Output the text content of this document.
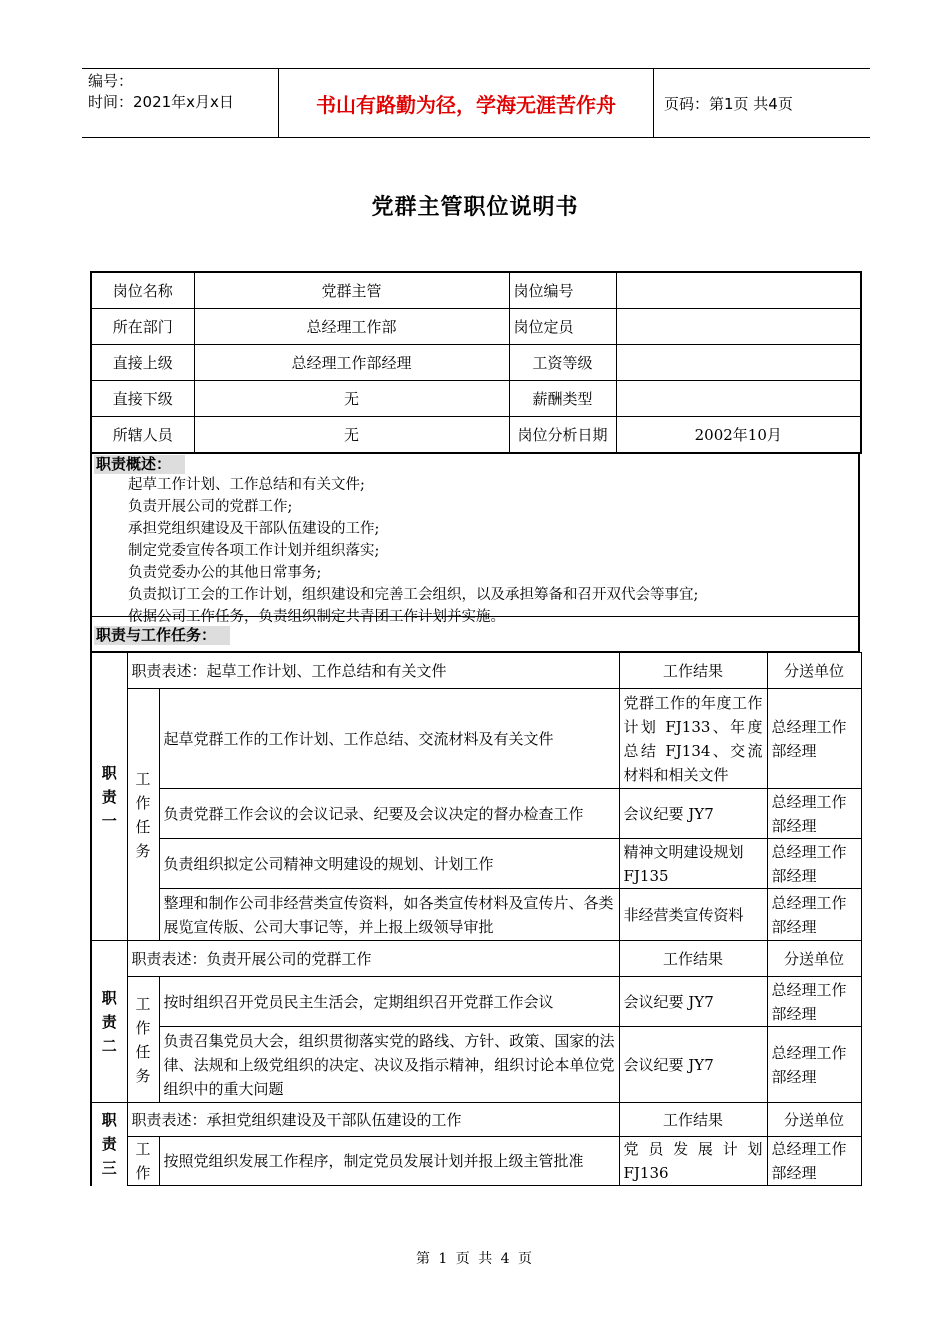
编号：
时间：2021年x月x日	书山有路勤为径，学海无涯苦作舟	页码：第1页 共4页
党群主管职位说明书
岗位名称	党群主管	岗位编号	
所在部门	总经理工作部	岗位定员	
直接上级	总经理工作部经理	工资等级	
直接下级	无	薪酬类型	
所辖人员	无	岗位分析日期	2002年10月
职责概述：
起草工作计划、工作总结和有关文件;
负责开展公司的党群工作;
承担党组织建设及干部队伍建设的工作;
制定党委宣传各项工作计划并组织落实;
负责党委办公的其他日常事务;
负责拟订工会的工作计划，组织建设和完善工会组织，以及承担筹备和召开双代会等事宜;
依据公司工作任务，负责组织制定共青团工作计划并实施。
职责与工作任务：
职责一	职责表述：起草工作计划、工作总结和有关文件		工作结果	分送单位
	工作任务	起草党群工作的工作计划、工作总结、交流材料及有关文件	党群工作的年度工作计划 FJ133、年度总结 FJ134、交流材料和相关文件	总经理工作部经理
		负责党群工作会议的会议记录、纪要及会议决定的督办检查工作	会议纪要 JY7	总经理工作部经理
		负责组织拟定公司精神文明建设的规划、计划工作	精神文明建设规划 FJ135	总经理工作部经理
		整理和制作公司非经营类宣传资料，如各类宣传材料及宣传片、各类展览宣传版、公司大事记等，并上报上级领导审批	非经营类宣传资料	总经理工作部经理
职责二	职责表述：负责开展公司的党群工作		工作结果	分送单位
	工作任务	按时组织召开党员民主生活会，定期组织召开党群工作会议	会议纪要 JY7	总经理工作部经理
		负责召集党员大会，组织贯彻落实党的路线、方针、政策、国家的法律、法规和上级党组织的决定、决议及指示精神，组织讨论本单位党组织中的重大问题	会议纪要 JY7	总经理工作部经理
职责三	职责表述：承担党组织建设及干部队伍建设的工作		工作结果	分送单位
	工作	按照党组织发展工作程序，制定党员发展计划并报上级主管批准	党员发展计划 FJ136	总经理工作部经理
第 1 页 共 4 页
